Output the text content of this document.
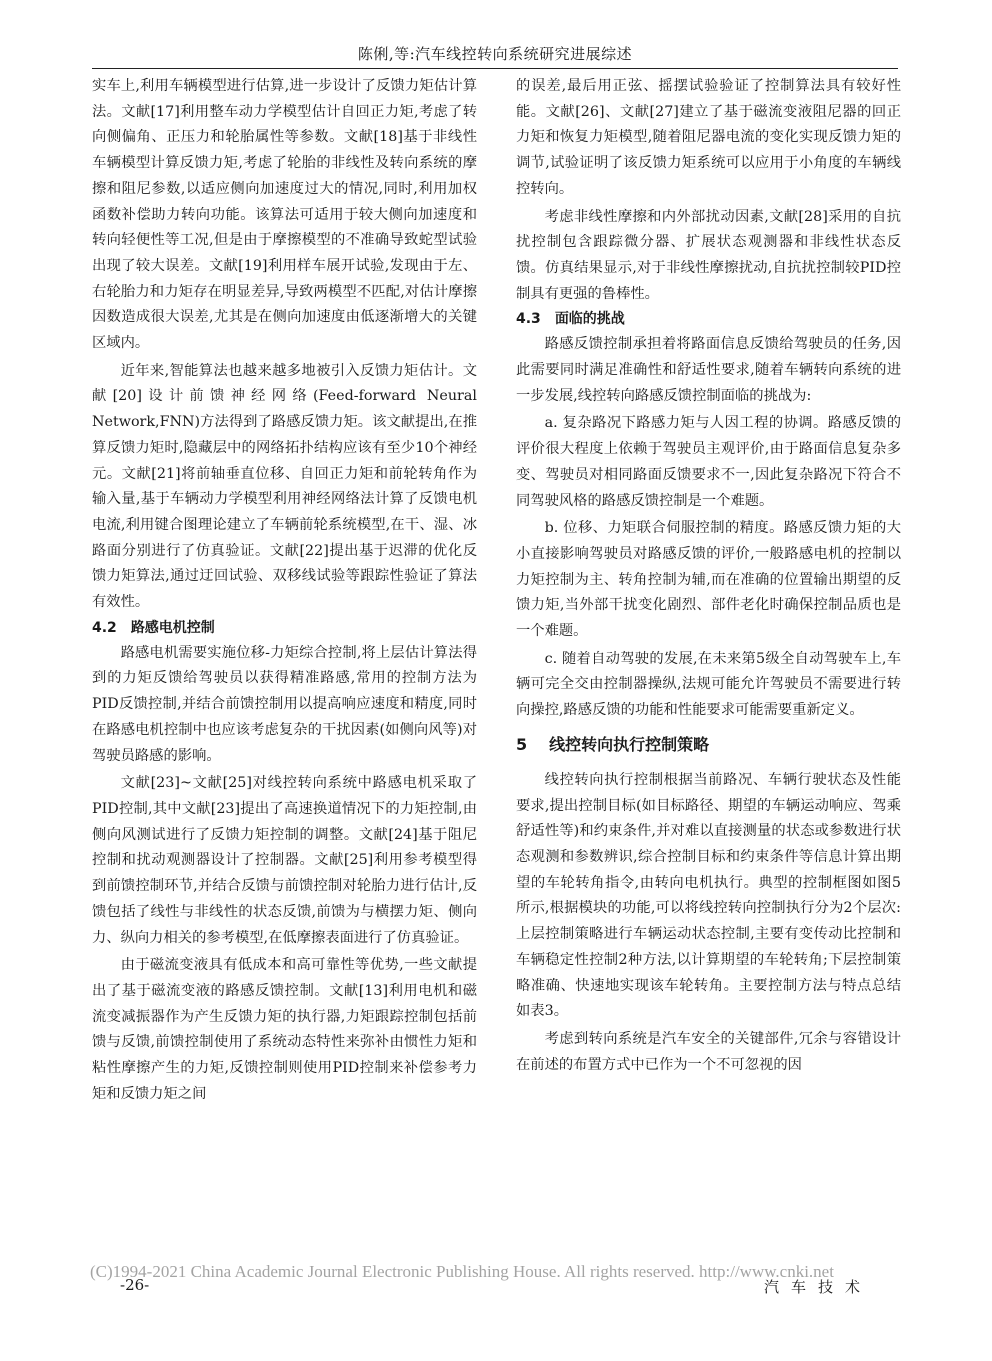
陈俐,等:汽车线控转向系统研究进展综述

实车上,利用车辆模型进行估算,进一步设计了反馈力矩估计算法。文献[17]利用整车动力学模型估计自回正力矩,考虑了转向侧偏角、正压力和轮胎属性等参数。文献[18]基于非线性车辆模型计算反馈力矩,考虑了轮胎的非线性及转向系统的摩擦和阻尼参数,以适应侧向加速度过大的情况,同时,利用加权函数补偿助力转向功能。该算法可适用于较大侧向加速度和转向轻便性等工况,但是由于摩擦模型的不准确导致蛇型试验出现了较大误差。文献[19]利用样车展开试验,发现由于左、右轮胎力和力矩存在明显差异,导致两模型不匹配,对估计摩擦因数造成很大误差,尤其是在侧向加速度由低逐渐增大的关键区域内。

近年来,智能算法也越来越多地被引入反馈力矩估计。文献[20]设计前馈神经网络(Feed-forward Neural Network,FNN)方法得到了路感反馈力矩。该文献提出,在推算反馈力矩时,隐藏层中的网络拓扑结构应该有至少10个神经元。文献[21]将前轴垂直位移、自回正力矩和前轮转角作为输入量,基于车辆动力学模型利用神经网络法计算了反馈电机电流,利用键合图理论建立了车辆前轮系统模型,在干、湿、冰路面分别进行了仿真验证。文献[22]提出基于迟滞的优化反馈力矩算法,通过迂回试验、双移线试验等跟踪性验证了算法有效性。

4.2 路感电机控制

路感电机需要实施位移-力矩综合控制,将上层估计算法得到的力矩反馈给驾驶员以获得精准路感,常用的控制方法为PID反馈控制,并结合前馈控制用以提高响应速度和精度,同时在路感电机控制中也应该考虑复杂的干扰因素(如侧向风等)对驾驶员路感的影响。

文献[23]~文献[25]对线控转向系统中路感电机采取了PID控制,其中文献[23]提出了高速换道情况下的力矩控制,由侧向风测试进行了反馈力矩控制的调整。文献[24]基于阻尼控制和扰动观测器设计了控制器。文献[25]利用参考模型得到前馈控制环节,并结合反馈与前馈控制对轮胎力进行估计,反馈包括了线性与非线性的状态反馈,前馈为与横摆力矩、侧向力、纵向力相关的参考模型,在低摩擦表面进行了仿真验证。

由于磁流变液具有低成本和高可靠性等优势,一些文献提出了基于磁流变液的路感反馈控制。文献[13]利用电机和磁流变减振器作为产生反馈力矩的执行器,力矩跟踪控制包括前馈与反馈,前馈控制使用了系统动态特性来弥补由惯性力矩和粘性摩擦产生的力矩,反馈控制则使用PID控制来补偿参考力矩和反馈力矩之间

的误差,最后用正弦、摇摆试验验证了控制算法具有较好性能。文献[26]、文献[27]建立了基于磁流变液阻尼器的回正力矩和恢复力矩模型,随着阻尼器电流的变化实现反馈力矩的调节,试验证明了该反馈力矩系统可以应用于小角度的车辆线控转向。

考虑非线性摩擦和内外部扰动因素,文献[28]采用的自抗扰控制包含跟踪微分器、扩展状态观测器和非线性状态反馈。仿真结果显示,对于非线性摩擦扰动,自抗扰控制较PID控制具有更强的鲁棒性。

4.3 面临的挑战

路感反馈控制承担着将路面信息反馈给驾驶员的任务,因此需要同时满足准确性和舒适性要求,随着车辆转向系统的进一步发展,线控转向路感反馈控制面临的挑战为:

a. 复杂路况下路感力矩与人因工程的协调。路感反馈的评价很大程度上依赖于驾驶员主观评价,由于路面信息复杂多变、驾驶员对相同路面反馈要求不一,因此复杂路况下符合不同驾驶风格的路感反馈控制是一个难题。

b. 位移、力矩联合伺服控制的精度。路感反馈力矩的大小直接影响驾驶员对路感反馈的评价,一般路感电机的控制以力矩控制为主、转角控制为辅,而在准确的位置输出期望的反馈力矩,当外部干扰变化剧烈、部件老化时确保控制品质也是一个难题。

c. 随着自动驾驶的发展,在未来第5级全自动驾驶车上,车辆可完全交由控制器操纵,法规可能允许驾驶员不需要进行转向操控,路感反馈的功能和性能要求可能需要重新定义。

5 线控转向执行控制策略

线控转向执行控制根据当前路况、车辆行驶状态及性能要求,提出控制目标(如目标路径、期望的车辆运动响应、驾乘舒适性等)和约束条件,并对难以直接测量的状态或参数进行状态观测和参数辨识,综合控制目标和约束条件等信息计算出期望的车轮转角指令,由转向电机执行。典型的控制框图如图5所示,根据模块的功能,可以将线控转向控制执行分为2个层次:上层控制策略进行车辆运动状态控制,主要有变传动比控制和车辆稳定性控制2种方法,以计算期望的车轮转角;下层控制策略准确、快速地实现该车轮转角。主要控制方法与特点总结如表3。

考虑到转向系统是汽车安全的关键部件,冗余与容错设计在前述的布置方式中已作为一个不可忽视的因

(C)1994-2021 China Academic Journal Electronic Publishing House. All rights reserved. http://www.cnki.net
-26-	汽车技术
